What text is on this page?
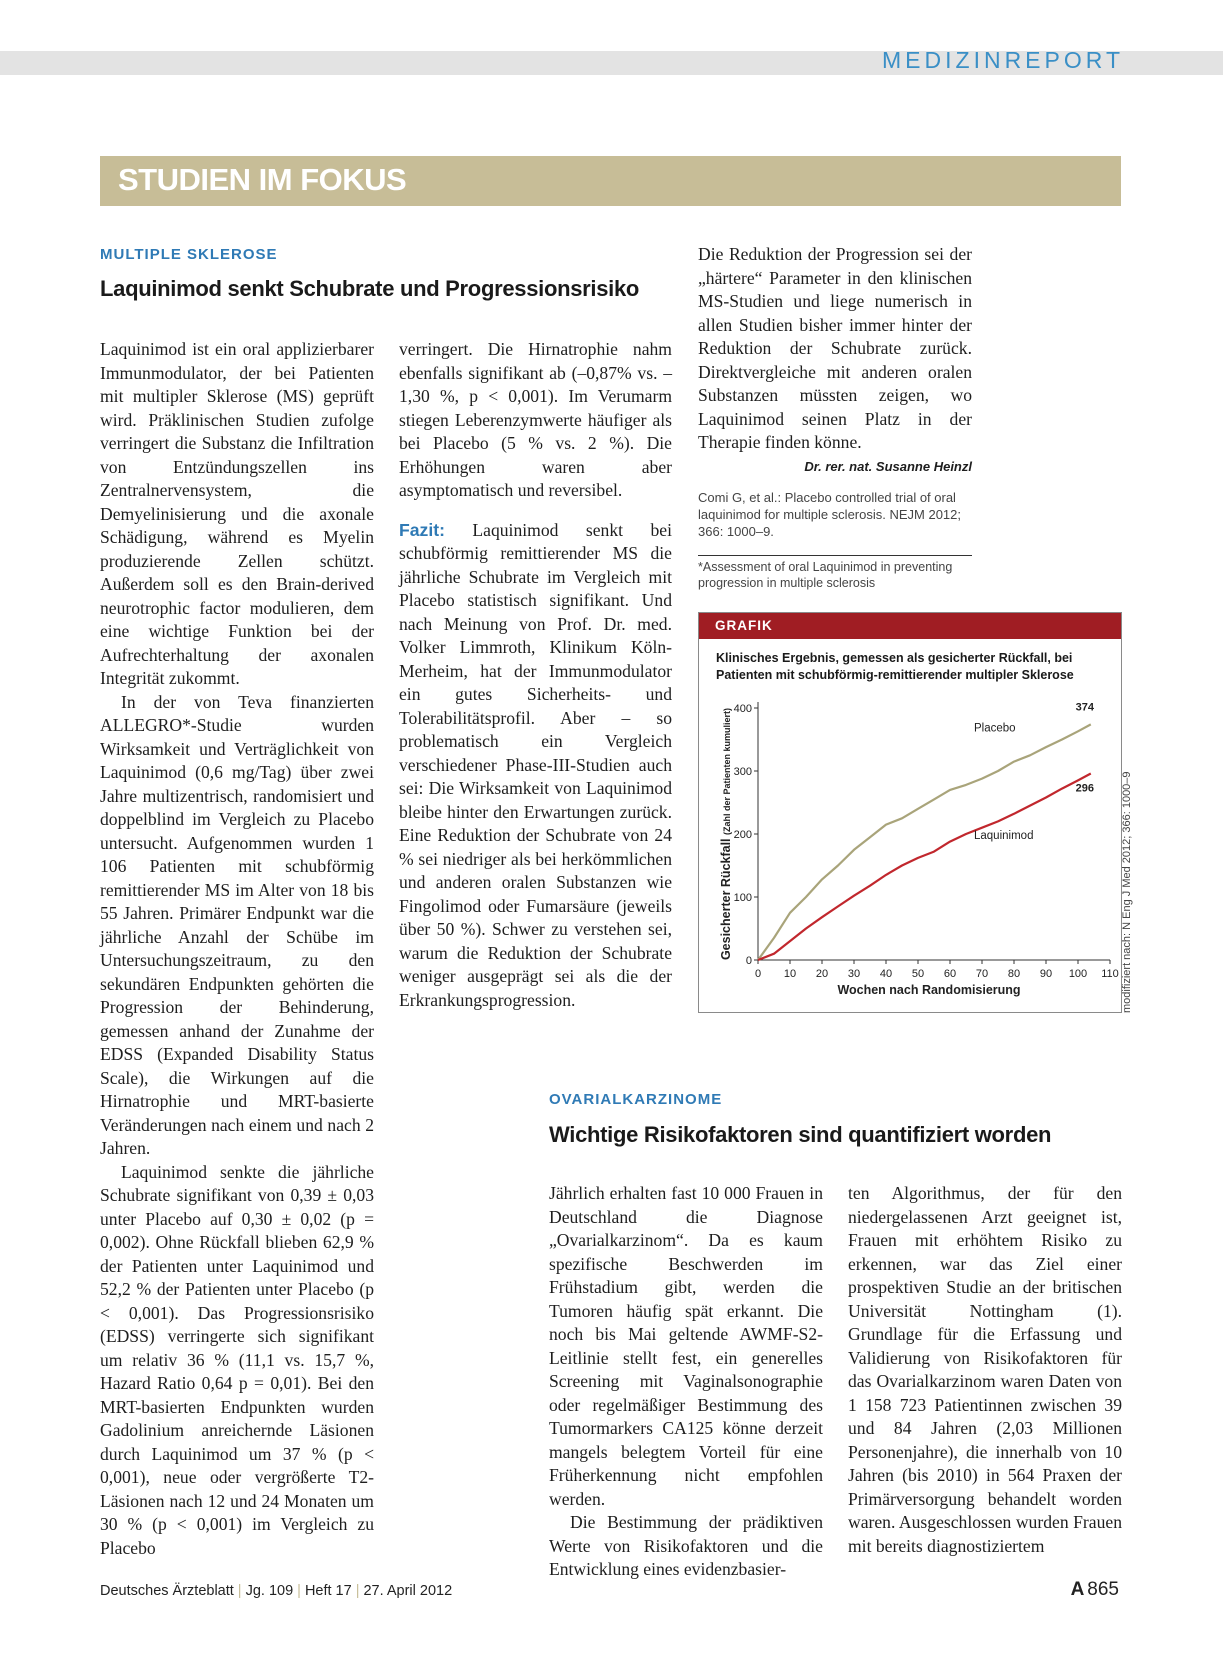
MEDIZINREPORT
STUDIEN IM FOKUS
MULTIPLE SKLEROSE
Laquinimod senkt Schubrate und Progressionsrisiko

Laquinimod ist ein oral applizierbarer Immunmodulator, der bei Patienten mit multipler Sklerose (MS) geprüft wird. Präklinischen Studien zufolge verringert die Substanz die Infiltration von Entzündungszellen ins Zentralnervensystem, die Demyelinisierung und die axonale Schädigung, während es Myelin produzierende Zellen schützt. Außerdem soll es den Brain-derived neurotrophic factor modulieren, dem eine wichtige Funktion bei der Aufrechterhaltung der axonalen Integrität zukommt.

In der von Teva finanzierten ALLEGRO*-Studie wurden Wirksamkeit und Verträglichkeit von Laquinimod (0,6 mg/Tag) über zwei Jahre multizentrisch, randomisiert und doppelblind im Vergleich zu Placebo untersucht. Aufgenommen wurden 1 106 Patienten mit schubförmig remittierender MS im Alter von 18 bis 55 Jahren. Primärer Endpunkt war die jährliche Anzahl der Schübe im Untersuchungszeitraum, zu den sekundären Endpunkten gehörten die Progression der Behinderung, gemessen anhand der Zunahme der EDSS (Expanded Disability Status Scale), die Wirkungen auf die Hirnatrophie und MRT-basierte Veränderungen nach einem und nach 2 Jahren.

Laquinimod senkte die jährliche Schubrate signifikant von 0,39 ± 0,03 unter Placebo auf 0,30 ± 0,02 (p = 0,002). Ohne Rückfall blieben 62,9 % der Patienten unter Laquinimod und 52,2 % der Patienten unter Placebo (p < 0,001). Das Progressionsrisiko (EDSS) verringerte sich signifikant um relativ 36 % (11,1 vs. 15,7 %, Hazard Ratio 0,64 p = 0,01). Bei den MRT-basierten Endpunkten wurden Gadolinium anreichernde Läsionen durch Laquinimod um 37 % (p < 0,001), neue oder vergrößerte T2-Läsionen nach 12 und 24 Monaten um 30 % (p < 0,001) im Vergleich zu Placebo

verringert. Die Hirnatrophie nahm ebenfalls signifikant ab (–0,87% vs. –1,30 %, p < 0,001). Im Verumarm stiegen Leberenzymwerte häufiger als bei Placebo (5 % vs. 2 %). Die Erhöhungen waren aber asymptomatisch und reversibel.

Fazit: Laquinimod senkt bei schubförmig remittierender MS die jährliche Schubrate im Vergleich mit Placebo statistisch signifikant. Und nach Meinung von Prof. Dr. med. Volker Limmroth, Klinikum Köln-Merheim, hat der Immunmodulator ein gutes Sicherheits- und Tolerabilitätsprofil. Aber – so problematisch ein Vergleich verschiedener Phase-III-Studien auch sei: Die Wirksamkeit von Laquinimod bleibe hinter den Erwartungen zurück. Eine Reduktion der Schubrate von 24 % sei niedriger als bei herkömmlichen und anderen oralen Substanzen wie Fingolimod oder Fumarsäure (jeweils über 50 %). Schwer zu verstehen sei, warum die Reduktion der Schubrate weniger ausgeprägt sei als die der Erkrankungsprogression.

Die Reduktion der Progression sei der „härtere“ Parameter in den klinischen MS-Studien und liege numerisch in allen Studien bisher immer hinter der Reduktion der Schubrate zurück. Direktvergleiche mit anderen oralen Substanzen müssten zeigen, wo Laquinimod seinen Platz in der Therapie finden könne.
Dr. rer. nat. Susanne Heinzl

Comi G, et al.: Placebo controlled trial of oral laquinimod for multiple sclerosis. NEJM 2012; 366: 1000–9.
*Assessment of oral Laquinimod in preventing progression in multiple sclerosis
GRAFIK
Klinisches Ergebnis, gemessen als gesicherter Rückfall, bei Patienten mit schubförmig-remittierender multipler Sklerose
0 10 20 30 40 50 60 70 80 90 100 110
0
100
200
300
400
Wochen nach Randomisierung
Gesicherter Rückfall (Zahl der Patienten kumuliert)
374
Placebo
296
Laquinimod	modifiziert nach: N Eng J Med 2012; 366: 1000–9
OVARIALKARZINOME
Wichtige Risikofaktoren sind quantifiziert worden

Jährlich erhalten fast 10 000 Frauen in Deutschland die Diagnose „Ovarialkarzinom“. Da es kaum spezifische Beschwerden im Frühstadium gibt, werden die Tumoren häufig spät erkannt. Die noch bis Mai geltende AWMF-S2-Leitlinie stellt fest, ein generelles Screening mit Vaginalsonographie oder regelmäßiger Bestimmung des Tumormarkers CA125 könne derzeit mangels belegtem Vorteil für eine Früherkennung nicht empfohlen werden.

Die Bestimmung der prädiktiven Werte von Risikofaktoren und die Entwicklung eines evidenzbasier-

ten Algorithmus, der für den niedergelassenen Arzt geeignet ist, Frauen mit erhöhtem Risiko zu erkennen, war das Ziel einer prospektiven Studie an der britischen Universität Nottingham (1). Grundlage für die Erfassung und Validierung von Risikofaktoren für das Ovarialkarzinom waren Daten von 1 158 723 Patientinnen zwischen 39 und 84 Jahren (2,03 Millionen Personenjahre), die innerhalb von 10 Jahren (bis 2010) in 564 Praxen der Primärversorgung behandelt worden waren. Ausgeschlossen wurden Frauen mit bereits diagnostiziertem

Deutsches Ärzteblatt | Jg. 109 | Heft 17 | 27. April 2012	A 865
